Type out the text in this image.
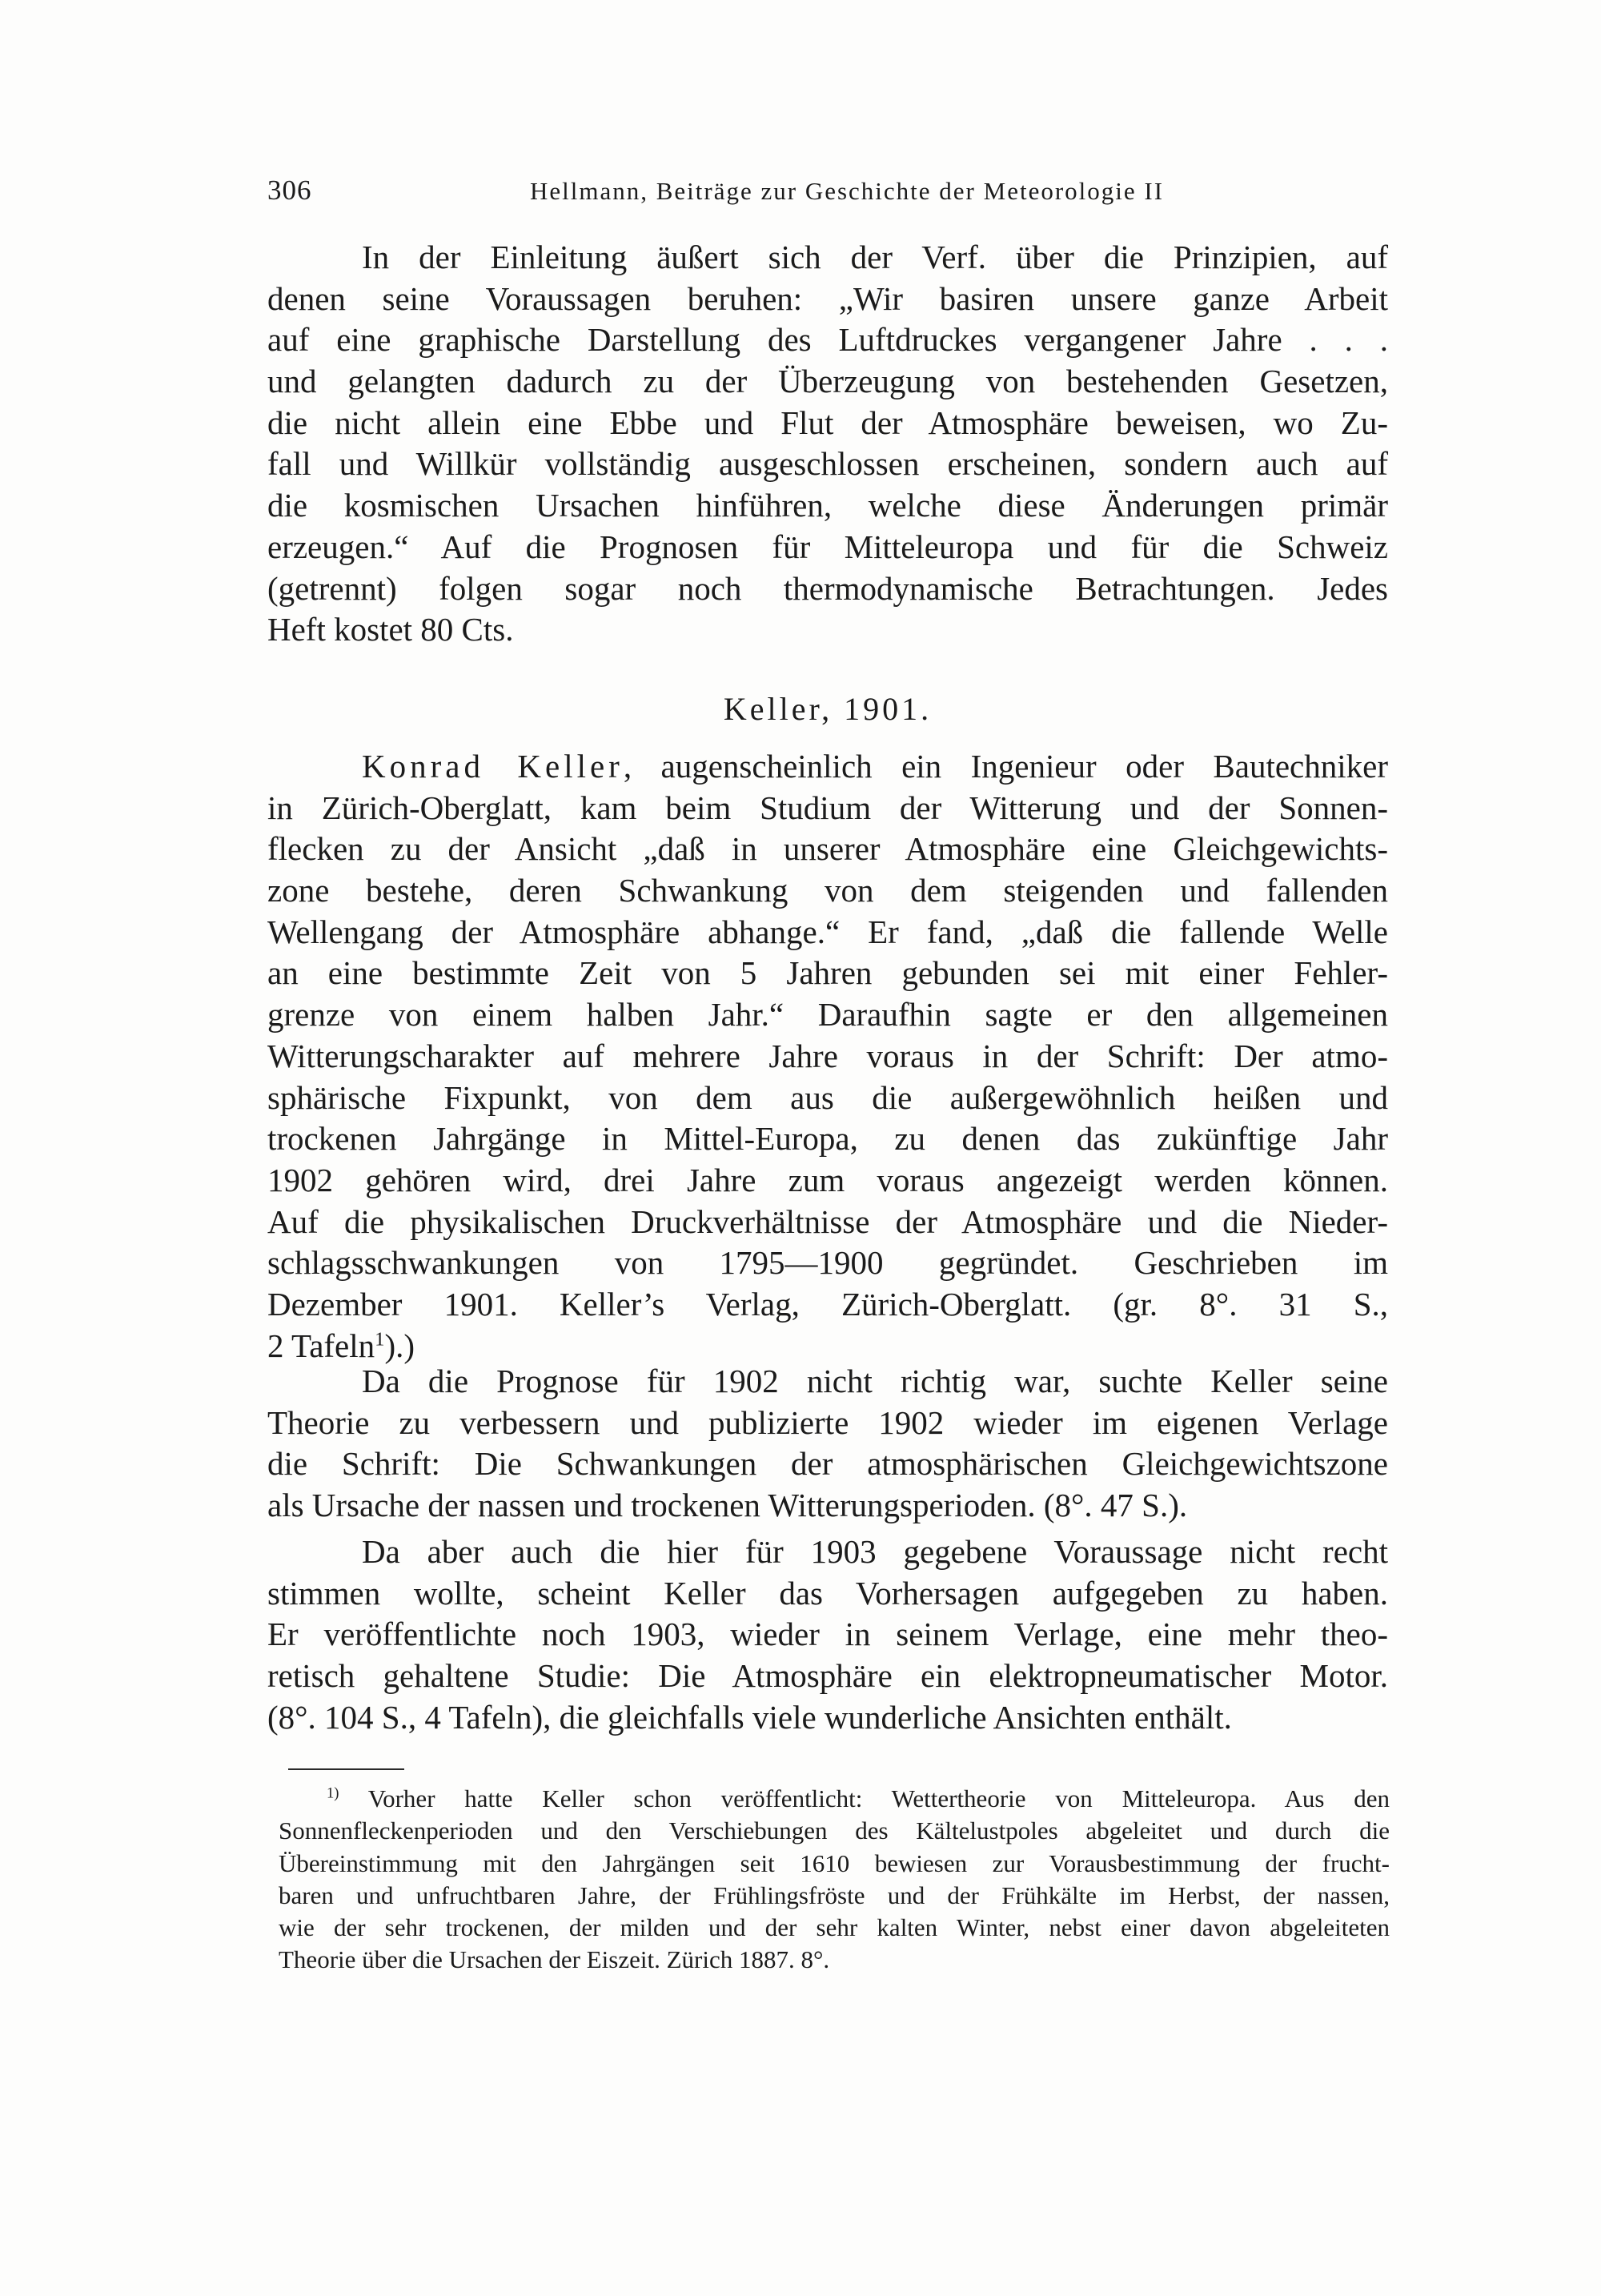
306	Hellmann, Beiträge zur Geschichte der Meteorologie II
In der Einleitung äußert sich der Verf. über die Prinzipien, auf
denen seine Voraussagen beruhen: „Wir basiren unsere ganze Arbeit
auf eine graphische Darstellung des Luftdruckes vergangener Jahre . . .
und gelangten dadurch zu der Überzeugung von bestehenden Gesetzen,
die nicht allein eine Ebbe und Flut der Atmosphäre beweisen, wo Zu-
fall und Willkür vollständig ausgeschlossen erscheinen, sondern auch auf
die kosmischen Ursachen hinführen, welche diese Änderungen primär
erzeugen.“ Auf die Prognosen für Mitteleuropa und für die Schweiz
(getrennt) folgen sogar noch thermodynamische Betrachtungen. Jedes
Heft kostet 80 Cts.
Keller, 1901.
Konrad Keller, augenscheinlich ein Ingenieur oder Bautechniker
in Zürich-Oberglatt, kam beim Studium der Witterung und der Sonnen-
flecken zu der Ansicht „daß in unserer Atmosphäre eine Gleichgewichts-
zone bestehe, deren Schwankung von dem steigenden und fallenden
Wellengang der Atmosphäre abhange.“ Er fand, „daß die fallende Welle
an eine bestimmte Zeit von 5 Jahren gebunden sei mit einer Fehler-
grenze von einem halben Jahr.“ Daraufhin sagte er den allgemeinen
Witterungscharakter auf mehrere Jahre voraus in der Schrift: Der atmo-
sphärische Fixpunkt, von dem aus die außergewöhnlich heißen und
trockenen Jahrgänge in Mittel-Europa, zu denen das zukünftige Jahr
1902 gehören wird, drei Jahre zum voraus angezeigt werden können.
Auf die physikalischen Druckverhältnisse der Atmosphäre und die Nieder-
schlagsschwankungen von 1795—1900 gegründet. Geschrieben im
Dezember 1901. Keller’s Verlag, Zürich-Oberglatt. (gr. 8°. 31 S.,
2 Tafeln$^1$).)
Da die Prognose für 1902 nicht richtig war, suchte Keller seine
Theorie zu verbessern und publizierte 1902 wieder im eigenen Verlage
die Schrift: Die Schwankungen der atmosphärischen Gleichgewichtszone
als Ursache der nassen und trockenen Witterungsperioden. (8°. 47 S.).
Da aber auch die hier für 1903 gegebene Voraussage nicht recht
stimmen wollte, scheint Keller das Vorhersagen aufgegeben zu haben.
Er veröffentlichte noch 1903, wieder in seinem Verlage, eine mehr theo-
retisch gehaltene Studie: Die Atmosphäre ein elektropneumatischer Motor.
(8°. 104 S., 4 Tafeln), die gleichfalls viele wunderliche Ansichten enthält.
$^{1)}$ Vorher hatte Keller schon veröffentlicht: Wettertheorie von Mitteleuropa. Aus den
Sonnenfleckenperioden und den Verschiebungen des Kältelustpoles abgeleitet und durch die
Übereinstimmung mit den Jahrgängen seit 1610 bewiesen zur Vorausbestimmung der frucht-
baren und unfruchtbaren Jahre, der Frühlingsfröste und der Frühkälte im Herbst, der nassen,
wie der sehr trockenen, der milden und der sehr kalten Winter, nebst einer davon abgeleiteten
Theorie über die Ursachen der Eiszeit. Zürich 1887. 8°.
